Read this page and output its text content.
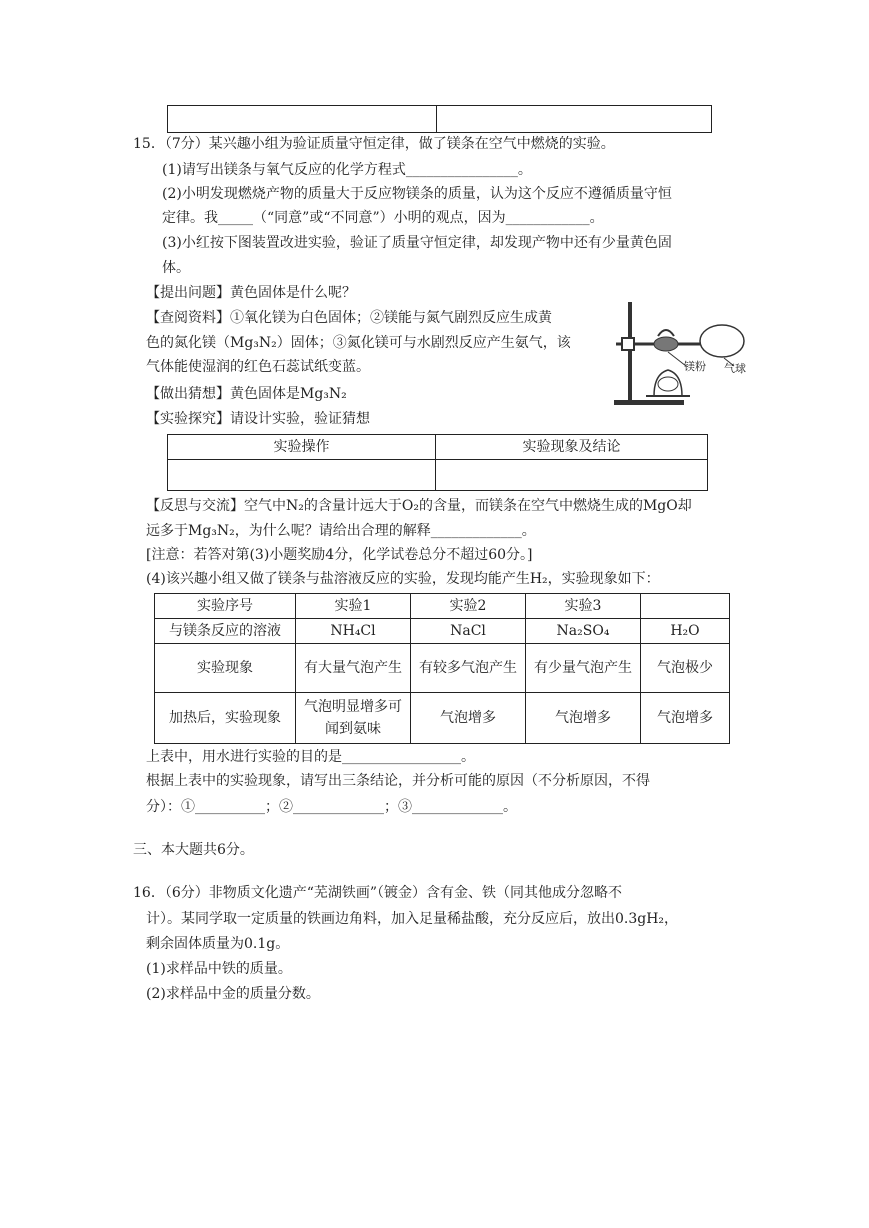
15．（7分）某兴趣小组为验证质量守恒定律，做了镁条在空气中燃烧的实验。
(1)请写出镁条与氧气反应的化学方程式________________。
(2)小明发现燃烧产物的质量大于反应物镁条的质量，认为这个反应不遵循质量守恒
定律。我_____（“同意”或“不同意”）小明的观点，因为____________。
(3)小红按下图装置改进实验，验证了质量守恒定律，却发现产物中还有少量黄色固
体。
【提出问题】黄色固体是什么呢？
【查阅资料】①氧化镁为白色固体；②镁能与氮气剧烈反应生成黄
色的氮化镁（Mg₃N₂）固体；③氮化镁可与水剧烈反应产生氨气，该
气体能使湿润的红色石蕊试纸变蓝。
【做出猜想】黄色固体是Mg₃N₂
【实验探究】请设计实验，验证猜想
镁粉 气球
实验操作	实验现象及结论

【反思与交流】空气中N₂的含量计远大于O₂的含量，而镁条在空气中燃烧生成的MgO却
远多于Mg₃N₂，为什么呢？请给出合理的解释_____________。
[注意：若答对第(3)小题奖励4分，化学试卷总分不超过60分。]
(4)该兴趣小组又做了镁条与盐溶液反应的实验，发现均能产生H₂，实验现象如下：
实验序号	实验1	实验2	实验3	
与镁条反应的溶液	NH₄Cl	NaCl	Na₂SO₄	H₂O
实验现象	有大量气泡产生	有较多气泡产生	有少量气泡产生	气泡极少
加热后，实验现象	气泡明显增多可闻到氨味	气泡增多	气泡增多	气泡增多
上表中，用水进行实验的目的是_________________。
根据上表中的实验现象，请写出三条结论，并分析可能的原因（不分析原因，不得
分）：①__________；②_____________；③_____________。
三、本大题共6分。
16．（6分）非物质文化遗产“芜湖铁画”（镀金）含有金、铁（同其他成分忽略不
计）。某同学取一定质量的铁画边角料，加入足量稀盐酸，充分反应后，放出0.3gH₂，
剩余固体质量为0.1g。
(1)求样品中铁的质量。
(2)求样品中金的质量分数。
